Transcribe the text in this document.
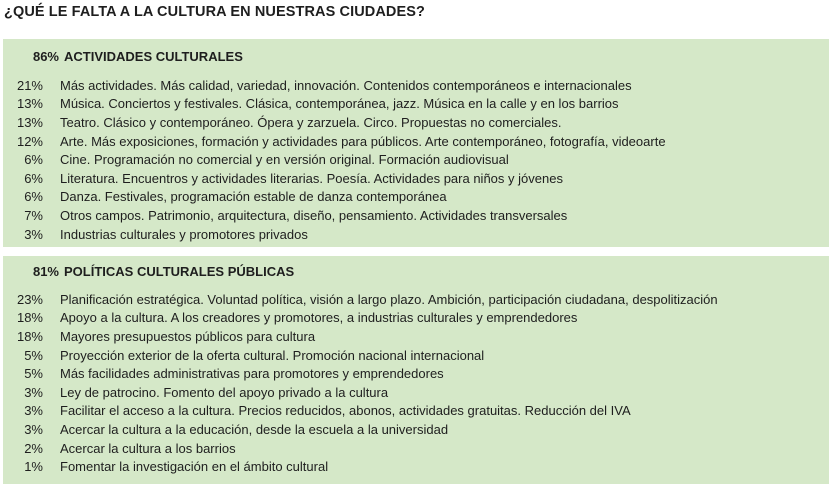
¿QUÉ LE FALTA A LA CULTURA EN NUESTRAS CIUDADES?
86% ACTIVIDADES CULTURALES
21% Más actividades. Más calidad, variedad, innovación. Contenidos contemporáneos e internacionales
13% Música. Conciertos y festivales. Clásica, contemporánea, jazz. Música en la calle y en los barrios
13% Teatro. Clásico y contemporáneo. Ópera y zarzuela. Circo. Propuestas no comerciales.
12% Arte. Más exposiciones, formación y actividades para públicos. Arte contemporáneo, fotografía, videoarte
6% Cine. Programación no comercial y en versión original. Formación audiovisual
6% Literatura. Encuentros y actividades literarias. Poesía. Actividades para niños y jóvenes
6% Danza. Festivales, programación estable de danza contemporánea
7% Otros campos. Patrimonio, arquitectura, diseño, pensamiento. Actividades transversales
3% Industrias culturales y promotores privados
81% POLÍTICAS CULTURALES PÚBLICAS
23% Planificación estratégica. Voluntad política, visión a largo plazo. Ambición, participación ciudadana, despolitización
18% Apoyo a la cultura. A los creadores y promotores, a industrias culturales y emprendedores
18% Mayores presupuestos públicos para cultura
5% Proyección exterior de la oferta cultural. Promoción nacional internacional
5% Más facilidades administrativas para promotores y emprendedores
3% Ley de patrocino. Fomento del apoyo privado a la cultura
3% Facilitar el acceso a la cultura. Precios reducidos, abonos, actividades gratuitas. Reducción del IVA
3% Acercar la cultura a la educación, desde la escuela a la universidad
2% Acercar la cultura a los barrios
1% Fomentar la investigación en el ámbito cultural
